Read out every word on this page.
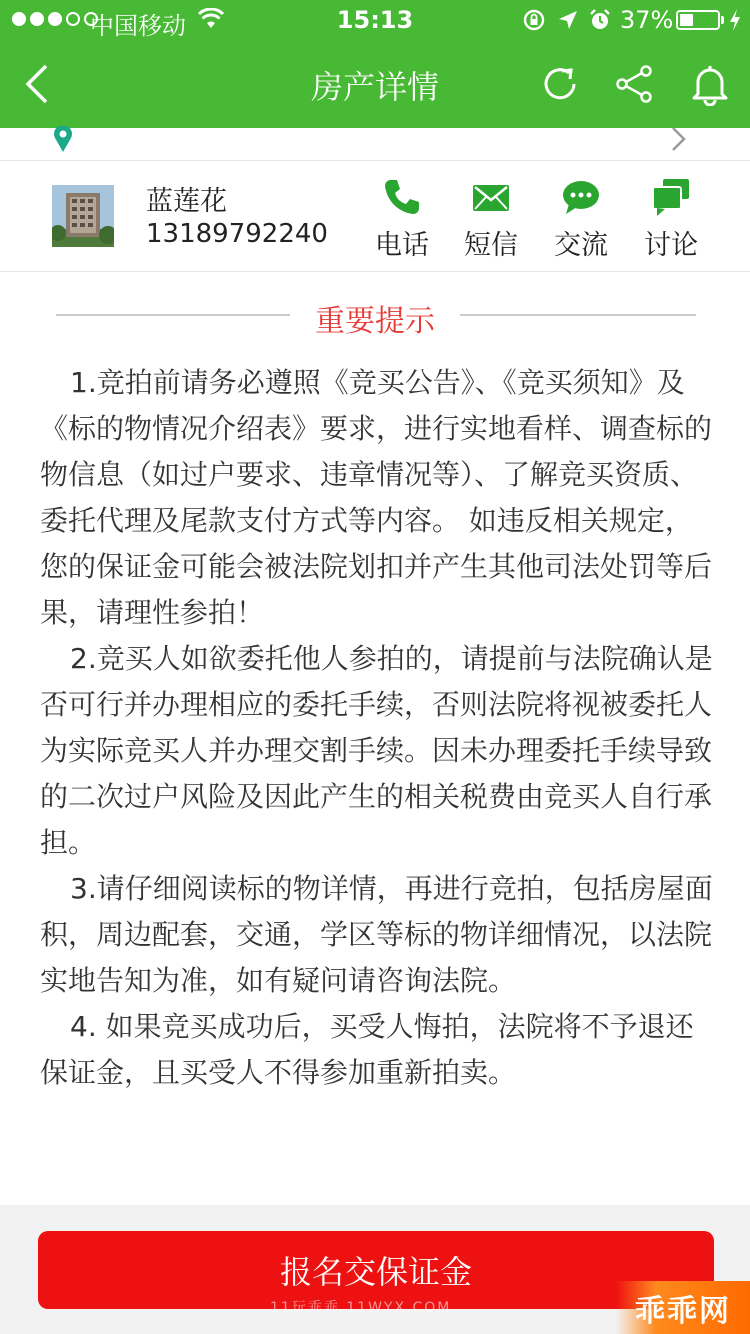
中国移动	15:13	37%
房产详情
蓝莲花
13189792240	电话	短信	交流	讨论
重要提示

1.竞拍前请务必遵照《竞买公告》、《竞买须知》及《标的物情况介绍表》要求，进行实地看样、调查标的物信息（如过户要求、违章情况等）、了解竞买资质、委托代理及尾款支付方式等内容。 如违反相关规定，您的保证金可能会被法院划扣并产生其他司法处罚等后果，请理性参拍！

2.竞买人如欲委托他人参拍的，请提前与法院确认是否可行并办理相应的委托手续，否则法院将视被委托人为实际竞买人并办理交割手续。因未办理委托手续导致的二次过户风险及因此产生的相关税费由竞买人自行承担。

3.请仔细阅读标的物详情，再进行竞拍，包括房屋面积，周边配套，交通，学区等标的物详细情况，以法院实地告知为准，如有疑问请咨询法院。

4. 如果竞买成功后，买受人悔拍，法院将不予退还保证金，且买受人不得参加重新拍卖。

报名交保证金
11玩乖乖 11WYX.COM	乖乖网
